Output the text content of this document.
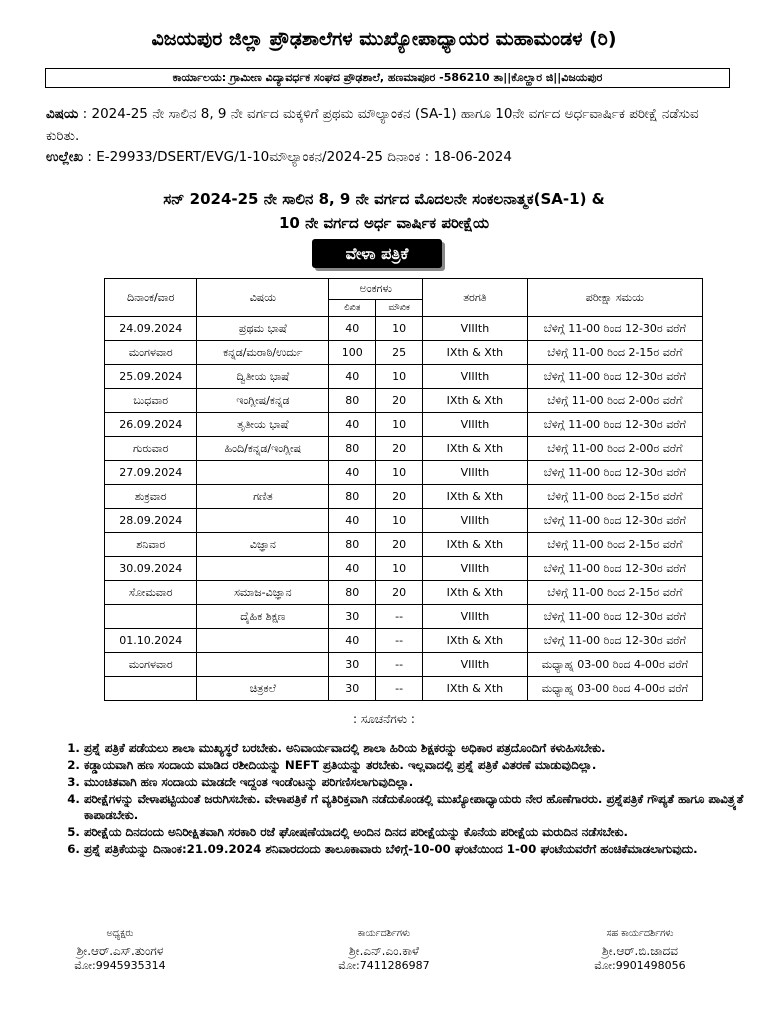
ವಿಜಯಪುರ ಜಿಲ್ಲಾ ಪ್ರೌಢಶಾಲೆಗಳ ಮುಖ್ಯೋಪಾಧ್ಯಾಯರ ಮಹಾಮಂಡಳ (ರಿ)
ಕಾರ್ಯಾಲಯ: ಗ್ರಾಮೀಣ ವಿದ್ಯಾವರ್ಧಕ ಸಂಘದ ಪ್ರೌಢಶಾಲೆ, ಹಣಮಾಪೂರ -586210 ತಾ||ಕೊಲ್ಹಾರ ಜಿ||ವಿಜಯಪುರ
ವಿಷಯ : 2024-25 ನೇ ಸಾಲಿನ 8, 9 ನೇ ವರ್ಗದ ಮಕ್ಕಳಿಗೆ ಪ್ರಥಮ ಮೌಲ್ಯಾಂಕನ (SA-1) ಹಾಗೂ 10ನೇ ವರ್ಗದ ಅರ್ಧವಾರ್ಷಿಕ ಪರೀಕ್ಷೆ ನಡೆಸುವ ಕುರಿತು.
ಉಲ್ಲೇಖ : E-29933/DSERT/EVG/1-10ಮೌಲ್ಯಾಂಕನ/2024-25 ದಿನಾಂಕ : 18-06-2024
ಸನ್ 2024-25 ನೇ ಸಾಲಿನ 8, 9 ನೇ ವರ್ಗದ ಮೊದಲನೇ ಸಂಕಲನಾತ್ಮಕ(SA-1) &
10 ನೇ ವರ್ಗದ ಅರ್ಧ ವಾರ್ಷಿಕ ಪರೀಕ್ಷೆಯ
ವೇಳಾ ಪತ್ರಿಕೆ
ದಿನಾಂಕ/ವಾರ	ವಿಷಯ	ಅಂಕಗಳು		ತರಗತಿ	ಪರೀಕ್ಷಾ ಸಮಯ
		ಲಿಖಿತ	ಮೌಖಿಕ		
24.09.2024	ಪ್ರಥಮ ಭಾಷೆ	40	10	VIIIth	ಬೆಳಿಗ್ಗೆ 11-00 ರಿಂದ 12-30ರ ವರೆಗೆ
ಮಂಗಳವಾರ	ಕನ್ನಡ/ಮರಾಠಿ/ಉರ್ದು	100	25	IXth & Xth	ಬೆಳಿಗ್ಗೆ 11-00 ರಿಂದ 2-15ರ ವರೆಗೆ
25.09.2024	ದ್ವಿತೀಯ ಭಾಷೆ	40	10	VIIIth	ಬೆಳಿಗ್ಗೆ 11-00 ರಿಂದ 12-30ರ ವರೆಗೆ
ಬುಧವಾರ	ಇಂಗ್ಲೀಷ/ಕನ್ನಡ	80	20	IXth & Xth	ಬೆಳಿಗ್ಗೆ 11-00 ರಿಂದ 2-00ರ ವರೆಗೆ
26.09.2024	ತೃತೀಯ ಭಾಷೆ	40	10	VIIIth	ಬೆಳಿಗ್ಗೆ 11-00 ರಿಂದ 12-30ರ ವರೆಗೆ
ಗುರುವಾರ	ಹಿಂದಿ/ಕನ್ನಡ/ಇಂಗ್ಲೀಷ	80	20	IXth & Xth	ಬೆಳಿಗ್ಗೆ 11-00 ರಿಂದ 2-00ರ ವರೆಗೆ
27.09.2024		40	10	VIIIth	ಬೆಳಿಗ್ಗೆ 11-00 ರಿಂದ 12-30ರ ವರೆಗೆ
ಶುಕ್ರವಾರ	ಗಣಿತ	80	20	IXth & Xth	ಬೆಳಿಗ್ಗೆ 11-00 ರಿಂದ 2-15ರ ವರೆಗೆ
28.09.2024		40	10	VIIIth	ಬೆಳಿಗ್ಗೆ 11-00 ರಿಂದ 12-30ರ ವರೆಗೆ
ಶನಿವಾರ	ವಿಜ್ಞಾನ	80	20	IXth & Xth	ಬೆಳಿಗ್ಗೆ 11-00 ರಿಂದ 2-15ರ ವರೆಗೆ
30.09.2024		40	10	VIIIth	ಬೆಳಿಗ್ಗೆ 11-00 ರಿಂದ 12-30ರ ವರೆಗೆ
ಸೋಮವಾರ	ಸಮಾಜ-ವಿಜ್ಞಾನ	80	20	IXth & Xth	ಬೆಳಿಗ್ಗೆ 11-00 ರಿಂದ 2-15ರ ವರೆಗೆ
	ದೈಹಿಕ ಶಿಕ್ಷಣ	30	--	VIIIth	ಬೆಳಿಗ್ಗೆ 11-00 ರಿಂದ 12-30ರ ವರೆಗೆ
01.10.2024		40	--	IXth & Xth	ಬೆಳಿಗ್ಗೆ 11-00 ರಿಂದ 12-30ರ ವರೆಗೆ
ಮಂಗಳವಾರ		30	--	VIIIth	ಮಧ್ಯಾಹ್ನ 03-00 ರಿಂದ 4-00ರ ವರೆಗೆ
	ಚಿತ್ರಕಲೆ	30	--	IXth & Xth	ಮಧ್ಯಾಹ್ನ 03-00 ರಿಂದ 4-00ರ ವರೆಗೆ
: ಸೂಚನೆಗಳು :
1. ಪ್ರಶ್ನೆ ಪತ್ರಿಕೆ ಪಡೆಯಲು ಶಾಲಾ ಮುಖ್ಯಸ್ಥರೆ ಬರಬೇಕು. ಅನಿವಾರ್ಯವಾದಲ್ಲಿ ಶಾಲಾ ಹಿರಿಯ ಶಿಕ್ಷಕರನ್ನು ಅಧಿಕಾರ ಪತ್ರದೊಂದಿಗೆ ಕಳುಹಿಸಬೇಕು.
2. ಕಡ್ಡಾಯವಾಗಿ ಹಣ ಸಂದಾಯ ಮಾಡಿದ ರಶೀದಿಯನ್ನು NEFT ಪ್ರತಿಯನ್ನು ತರಬೇಕು. ಇಲ್ಲವಾದಲ್ಲಿ ಪ್ರಶ್ನೆ ಪತ್ರಿಕೆ ವಿತರಣೆ ಮಾಡುವುದಿಲ್ಲಾ.
3. ಮುಂಚಿತವಾಗಿ ಹಣ ಸಂದಾಯ ಮಾಡದೇ ಇದ್ದಂತ ಇಂಡೆಂಟನ್ನು ಪರಿಗಣಿಸಲಾಗುವುದಿಲ್ಲಾ.
4. ಪರೀಕ್ಷೆಗಳನ್ನು ವೇಳಾಪಟ್ಟಿಯಂತೆ ಜರುಗಿಸಬೇಕು. ವೇಳಾಪತ್ರಿಕೆ ಗೆ ವ್ಯತಿರಿಕ್ತವಾಗಿ ನಡೆದುಕೊಂಡಲ್ಲಿ ಮುಖ್ಯೋಪಾಧ್ಯಾಯರು ನೇರ ಹೊಣೆಗಾರರು. ಪ್ರಶ್ನೆಪತ್ರಿಕೆ ಗೌಪ್ಯತೆ ಹಾಗೂ ಪಾವಿತ್ರ್ಯತೆ ಕಾಪಾಡಬೇಕು.
5. ಪರೀಕ್ಷೆಯ ದಿನದಂದು ಅನಿರೀಕ್ಷಿತವಾಗಿ ಸರಕಾರಿ ರಜೆ ಘೋಷಣೆಯಾದಲ್ಲಿ ಅಂದಿನ ದಿನದ ಪರೀಕ್ಷೆಯನ್ನು ಕೊನೆಯ ಪರೀಕ್ಷೆಯ ಮರುದಿನ ನಡೆಸಬೇಕು.
6. ಪ್ರಶ್ನೆ ಪತ್ರಿಕೆಯನ್ನು ದಿನಾಂಕ:21.09.2024 ಶನಿವಾರದಂದು ತಾಲೂಕಾವಾರು ಬೆಳಿಗ್ಗೆ-10-00 ಘಂಟೆಯಿಂದ 1-00 ಘಂಟೆಯವರೆಗೆ ಹಂಚಿಕೆಮಾಡಲಾಗುವುದು.
ಅಧ್ಯಕ್ಷರು
ಶ್ರೀ.ಆರ್.ಎಸ್.ತುಂಗಳ
ಮೋ:9945935314
ಕಾರ್ಯದರ್ಶಿಗಳು
ಶ್ರೀ.ಎನ್.ಎಂ.ಕಾಳೆ
ಮೋ:7411286987
ಸಹ ಕಾರ್ಯದರ್ಶಿಗಳು
ಶ್ರೀ.ಆರ್.ಬಿ.ಜಾದವ
ಮೋ:9901498056
